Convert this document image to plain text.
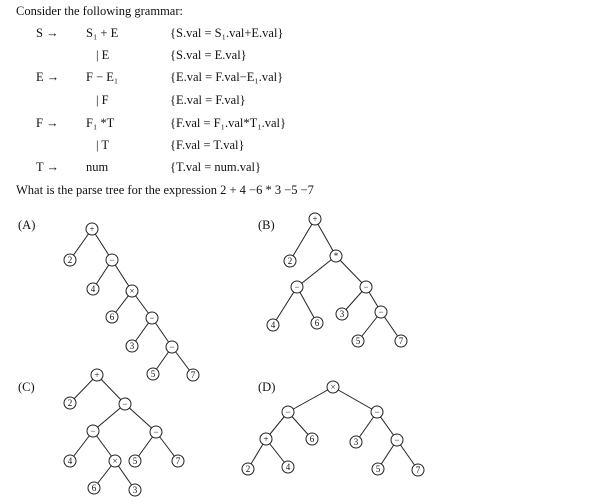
Consider the following grammar:
S → S₁ + E	{S.val = S₁.val+E.val}
| E	{S.val = E.val}
E → F − E₁	{E.val = F.val−E₁.val}
| F	{E.val = F.val}
F → F₁ *T	{F.val = F₁.val*T₁.val}
| T	{F.val = T.val}
T → num	{T.val = num.val}
What is the parse tree for the expression 2 + 4 −6 * 3 −5 −7
(A)	+
2	−
4	×
6	−
3	−
5	7
(B)	+
2	*
−	−
4	6
3	−
5	7
(C)
+
2	−
−	−
4	× 5	7
6	3
(D)	×
−	−
+	6	3	−
2	4	5	7
